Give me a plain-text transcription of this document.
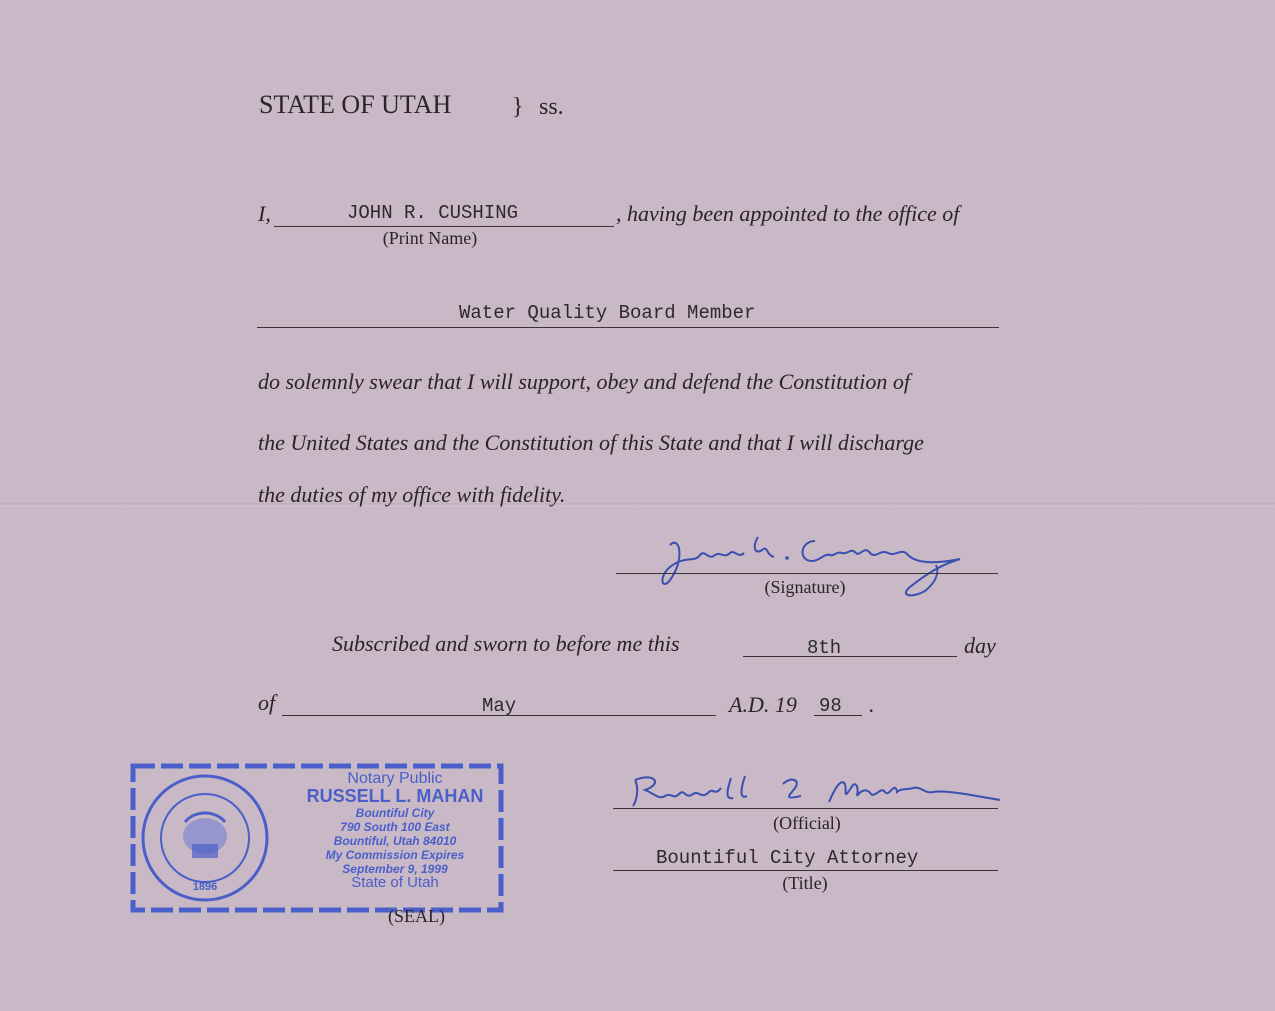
STATE OF UTAH	} ss.
I,	JOHN R. CUSHING
(Print Name)
, having been appointed to the office of
Water Quality Board Member
do solemnly swear that I will support, obey and defend the Constitution of
the United States and the Constitution of this State and that I will discharge
the duties of my office with fidelity.
John R. Cushing
(Signature)
Subscribed and sworn to before me this	8th	day
of	May	A.D. 19 98 .
Russell L Mahan
(Official)
Bountiful City Attorney
(Title)
1896
Notary Public
RUSSELL L. MAHAN
Bountiful City
790 South 100 East
Bountiful, Utah 84010
My Commission Expires
September 9, 1999
State of Utah
(SEAL)
